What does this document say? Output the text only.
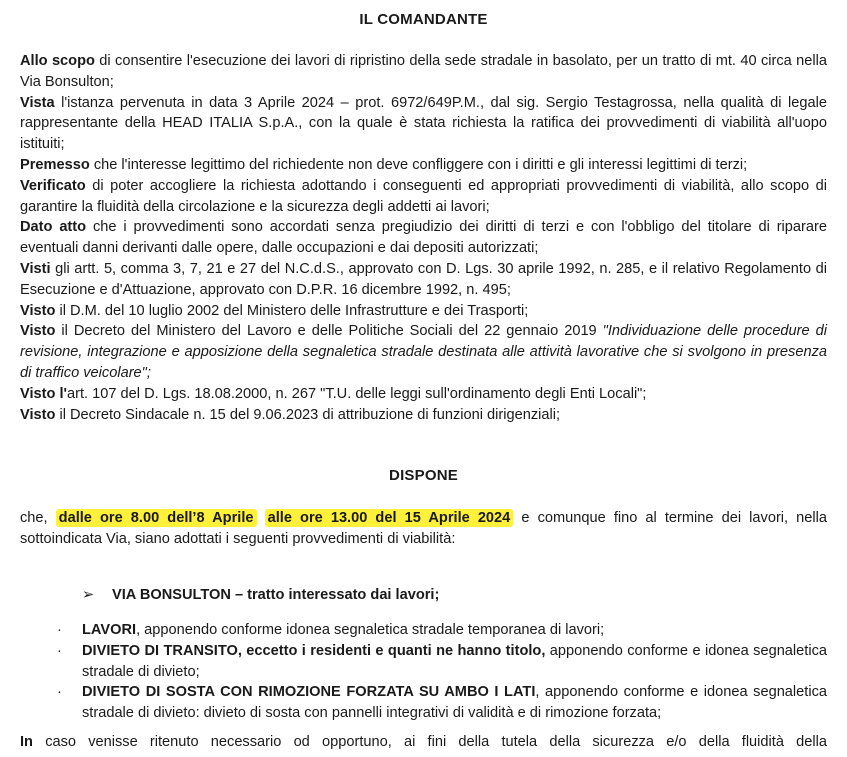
IL COMANDANTE

Allo scopo di consentire l'esecuzione dei lavori di ripristino della sede stradale in basolato, per un tratto di mt. 40 circa nella Via Bonsulton;

Vista l'istanza pervenuta in data 3 Aprile 2024 – prot. 6972/649P.M., dal sig. Sergio Testagrossa, nella qualità di legale rappresentante della HEAD ITALIA S.p.A., con la quale è stata richiesta la ratifica dei provvedimenti di viabilità all'uopo istituiti;

Premesso che l'interesse legittimo del richiedente non deve confliggere con i diritti e gli interessi legittimi di terzi;

Verificato di poter accogliere la richiesta adottando i conseguenti ed appropriati provvedimenti di viabilità, allo scopo di garantire la fluidità della circolazione e la sicurezza degli addetti ai lavori;

Dato atto che i provvedimenti sono accordati senza pregiudizio dei diritti di terzi e con l'obbligo del titolare di riparare eventuali danni derivanti dalle opere, dalle occupazioni e dai depositi autorizzati;

Visti gli artt. 5, comma 3, 7, 21 e 27 del N.C.d.S., approvato con D. Lgs. 30 aprile 1992, n. 285, e il relativo Regolamento di Esecuzione e d'Attuazione, approvato con D.P.R. 16 dicembre 1992, n. 495;

Visto il D.M. del 10 luglio 2002 del Ministero delle Infrastrutture e dei Trasporti;

Visto il Decreto del Ministero del Lavoro e delle Politiche Sociali del 22 gennaio 2019 "Individuazione delle procedure di revisione, integrazione e apposizione della segnaletica stradale destinata alle attività lavorative che si svolgono in presenza di traffico veicolare";

Visto l'art. 107 del D. Lgs. 18.08.2000, n. 267 "T.U. delle leggi sull'ordinamento degli Enti Locali";

Visto il Decreto Sindacale n. 15 del 9.06.2023 di attribuzione di funzioni dirigenziali;

DISPONE

che, dalle ore 8.00 dell’8 Aprile alle ore 13.00 del 15 Aprile 2024 e comunque fino al termine dei lavori, nella sottoindicata Via, siano adottati i seguenti provvedimenti di viabilità:

➢ VIA BONSULTON – tratto interessato dai lavori;
·	LAVORI, apponendo conforme idonea segnaletica stradale temporanea di lavori;
·	DIVIETO DI TRANSITO, eccetto i residenti e quanti ne hanno titolo, apponendo conforme e idonea segnaletica stradale di divieto;
·	DIVIETO DI SOSTA CON RIMOZIONE FORZATA SU AMBO I LATI, apponendo conforme e idonea segnaletica stradale di divieto: divieto di sosta con pannelli integrativi di validità e di rimozione forzata;
In caso venisse ritenuto necessario od opportuno, ai fini della tutela della sicurezza e/o della fluidità della
